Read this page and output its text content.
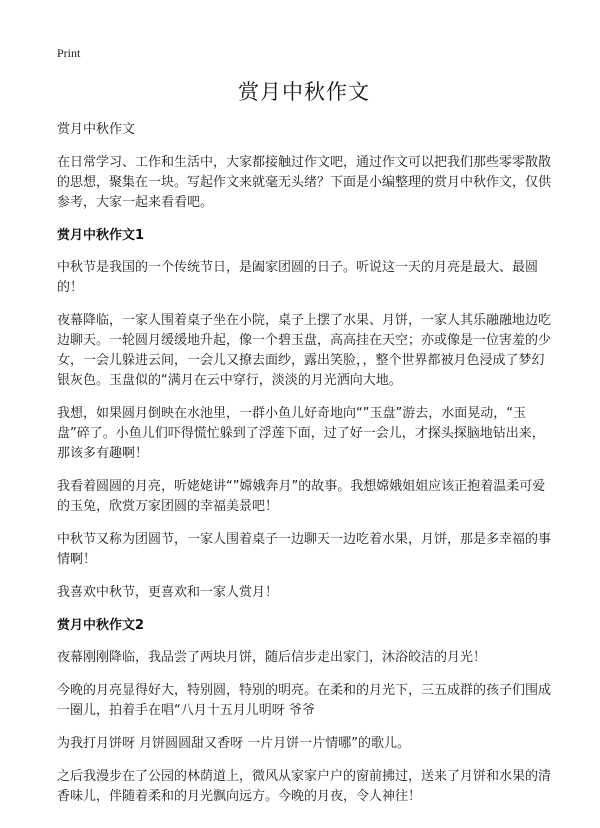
Print
赏月中秋作文

赏月中秋作文

在日常学习、工作和生活中，大家都接触过作文吧，通过作文可以把我们那些零零散散的思想，聚集在一块。写起作文来就毫无头绪？下面是小编整理的赏月中秋作文，仅供参考，大家一起来看看吧。

赏月中秋作文1

中秋节是我国的一个传统节日，是阖家团圆的日子。听说这一天的月亮是最大、最圆的！

夜幕降临，一家人围着桌子坐在小院，桌子上摆了水果、月饼，一家人其乐融融地边吃边聊天。一轮圆月缓缓地升起，像一个碧玉盘，高高挂在天空；亦或像是一位害羞的少女，一会儿躲进云间，一会儿又撩去面纱，露出笑脸，，整个世界都被月色浸成了梦幻银灰色。玉盘似的“满月在云中穿行，淡淡的月光洒向大地。

我想，如果圆月倒映在水池里，一群小鱼儿好奇地向“”玉盘”游去，水面晃动，“玉盘”碎了。小鱼儿们吓得慌忙躲到了浮莲下面，过了好一会儿，才探头探脑地钻出来，那该多有趣啊！

我看着圆圆的月亮，听姥姥讲“”嫦娥奔月”的故事。我想嫦娥姐姐应该正抱着温柔可爱的玉兔，欣赏万家团圆的幸福美景吧！

中秋节又称为团圆节，一家人围着桌子一边聊天一边吃着水果，月饼，那是多幸福的事情啊！

我喜欢中秋节，更喜欢和一家人赏月！

赏月中秋作文2

夜幕刚刚降临，我品尝了两块月饼，随后信步走出家门，沐浴皎洁的月光！

今晚的月亮显得好大，特别圆，特别的明亮。在柔和的月光下，三五成群的孩子们围成一圈儿，拍着手在唱“八月十五月儿明呀 爷爷

为我打月饼呀 月饼圆圆甜又香呀 一片月饼一片情哪”的歌儿。

之后我漫步在了公园的林荫道上，微风从家家户户的窗前拂过，送来了月饼和水果的清香味儿，伴随着柔和的月光飘向远方。今晚的月夜，令人神往！
